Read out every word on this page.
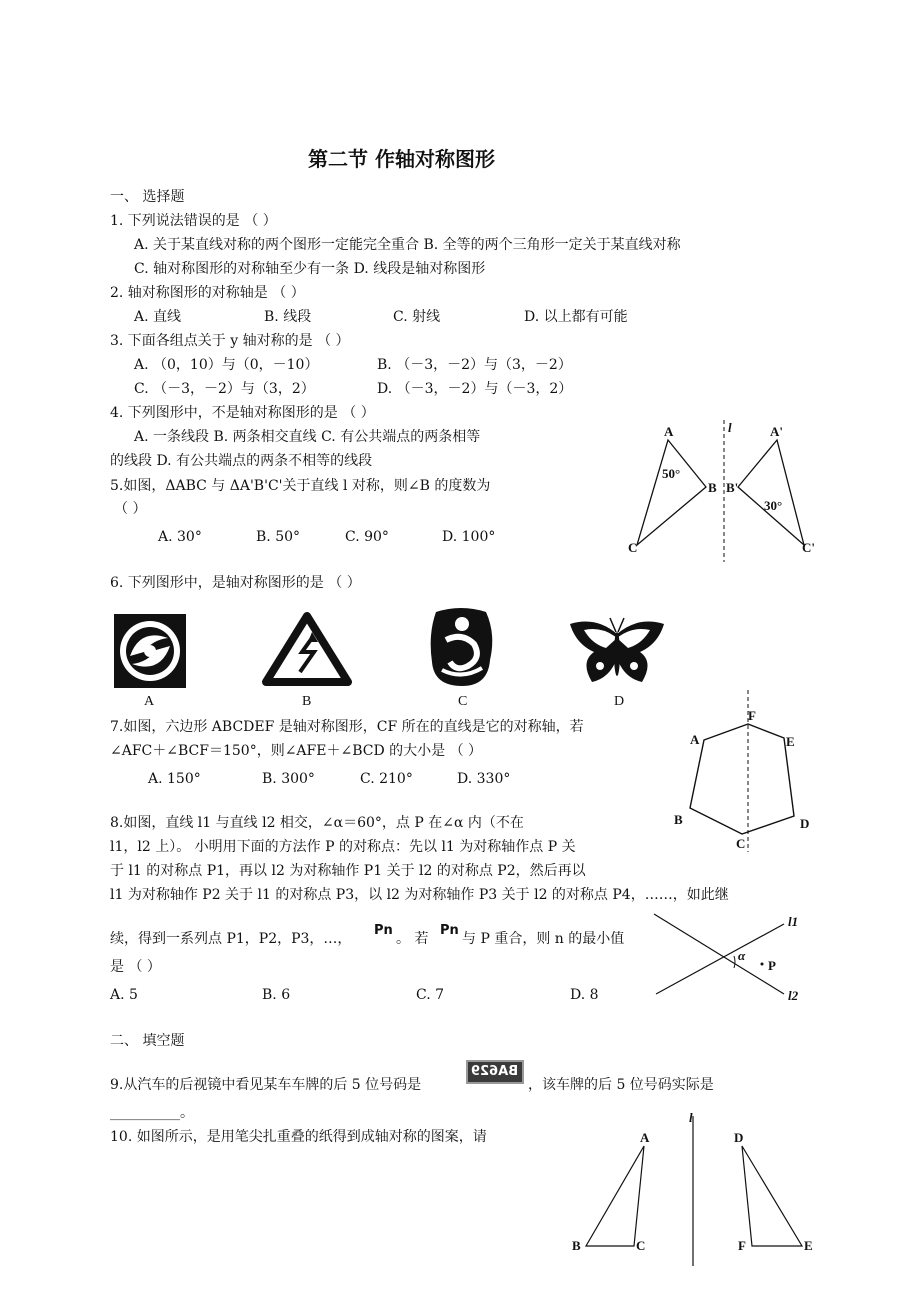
第二节 作轴对称图形
一、 选择题
1. 下列说法错误的是 （ ）
A. 关于某直线对称的两个图形一定能完全重合 B. 全等的两个三角形一定关于某直线对称
C. 轴对称图形的对称轴至少有一条 D. 线段是轴对称图形
2. 轴对称图形的对称轴是 （ ）
A. 直线	B. 线段	C. 射线	D. 以上都有可能
3. 下面各组点关于 y 轴对称的是 （ ）
A. （0，10）与（0，－10）	B. （－3，－2）与（3，－2）
C. （－3，－2）与（3，2）	D. （－3，－2）与（－3，2）
4. 下列图形中，不是轴对称图形的是 （ ）
A. 一条线段 B. 两条相交直线 C. 有公共端点的两条相等
的线段 D. 有公共端点的两条不相等的线段
5.如图，ΔABC 与 ΔA'B'C'关于直线 l 对称，则∠B 的度数为
（ ）
A. 30°	B. 50°	C. 90°	D. 100°
A
B
C
A'
B'
C'
l
50°
30°
6. 下列图形中，是轴对称图形的是 （ ）
A	B	C	D
7.如图，六边形 ABCDEF 是轴对称图形，CF 所在的直线是它的对称轴，若
∠AFC＋∠BCF＝150°，则∠AFE＋∠BCD 的大小是 （ ）
A. 150°	B. 300°	C. 210°	D. 330°
A
B
C
D
E
F
8.如图，直线 l1 与直线 l2 相交，∠α＝60°，点 P 在∠α 内（不在
l1，l2 上）。 小明用下面的方法作 P 的对称点：先以 l1 为对称轴作点 P 关
于 l1 的对称点 P1，再以 l2 为对称轴作 P1 关于 l2 的对称点 P2，然后再以
l1 为对称轴作 P2 关于 l1 的对称点 P3，以 l2 为对称轴作 P3 关于 l2 的对称点 P4，……，如此继
续，得到一系列点 P1，P2，P3，…，
Pn
。 若
Pn
与 P 重合，则 n 的最小值
是 （ ）
A. 5	B. 6	C. 7	D. 8
l1
l2
α
P
二、 填空题
9.从汽车的后视镜中看见某车车牌的后 5 位号码是
BA629
，该车牌的后 5 位号码实际是
__________。
10. 如图所示，是用笔尖扎重叠的纸得到成轴对称的图案，请	A
B	C
D
E
F
l
